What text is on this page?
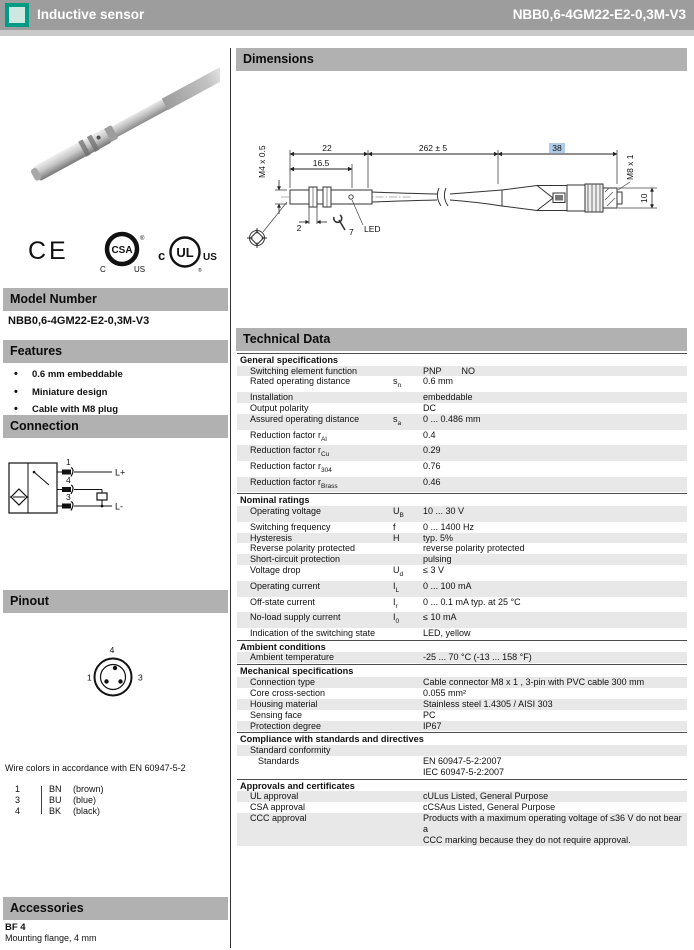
Inductive sensor	NBB0,6-4GM22-E2-0,3M-V3
CE	CSA
®
C	US
c UL
®
US
Model Number
NBB0,6-4GM22-E2-0,3M-V3
Features
• 0.6 mm embeddable
• Miniature design
• Cable with M8 plug
Connection
1
4
3
L+
L-
Pinout
4
1	3
Wire colors in accordance with EN 60947-5-2
1	BN	(brown)
3	BU	(blue)
4	BK	(black)
Accessories
BF 4
Mounting flange, 4 mm
Dimensions
22
16.5
262 ± 5	38
M4 x 0.5
2	7 LED
M8 x 1
10
Technical Data
General specifications
Switching element function	PNP NO
Rated operating distance	$s_n$	0.6 mm
Installation	embeddable
Output polarity	DC
Assured operating distance	$s_a$	0 ... 0.486 mm
Reduction factor $r_{Al}$	0.4
Reduction factor $r_{Cu}$	0.29
Reduction factor $r_{304}$	0.76
Reduction factor $r_{Brass}$	0.46
Nominal ratings
Operating voltage	$U_B$	10 ... 30 V
Switching frequency	f	0 ... 1400 Hz
Hysteresis	H	typ. 5%
Reverse polarity protected	reverse polarity protected
Short-circuit protection	pulsing
Voltage drop	$U_d$	≤ 3 V
Operating current	$I_L$	0 ... 100 mA
Off-state current	$I_r$	0 ... 0.1 mA typ. at 25 °C
No-load supply current	$I_0$	≤ 10 mA
Indication of the switching state	LED, yellow
Ambient conditions
Ambient temperature	-25 ... 70 °C (-13 ... 158 °F)
Mechanical specifications
Connection type	Cable connector M8 x 1 , 3-pin with PVC cable 300 mm
Core cross-section	0.055 mm²
Housing material	Stainless steel 1.4305 / AISI 303
Sensing face	PC
Protection degree	IP67
Compliance with standards and directives
Standard conformity
Standards	EN 60947-5-2:2007
IEC 60947-5-2:2007
Approvals and certificates
UL approval	cULus Listed, General Purpose
CSA approval	cCSAus Listed, General Purpose
CCC approval	Products with a maximum operating voltage of ≤36 V do not bear a
CCC marking because they do not require approval.
